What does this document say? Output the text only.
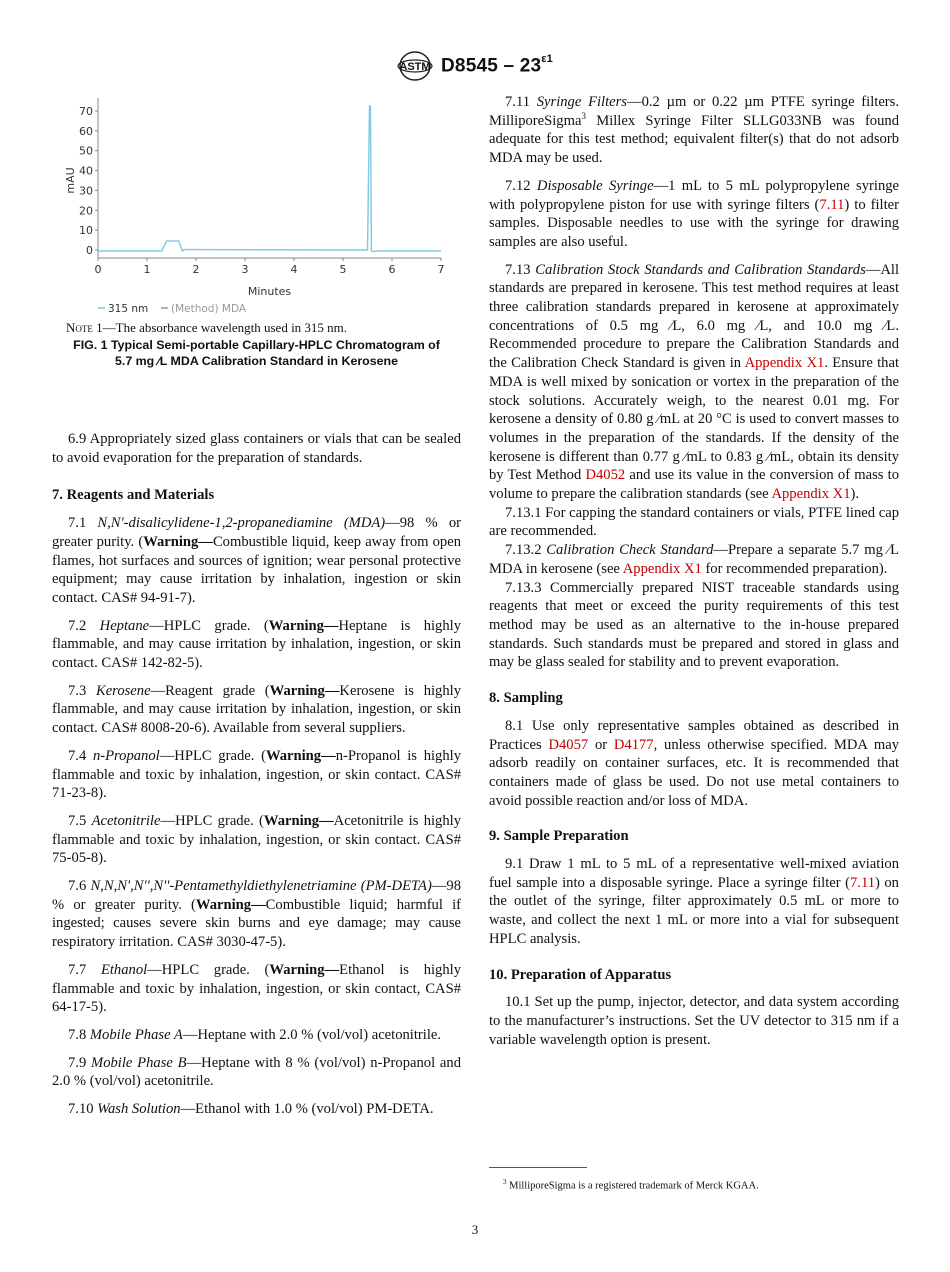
ASTM $D8545 - 23^{\varepsilon 1}$
0
10
20
30
40
50
60
70
0	1	2	3	4	5	6	7
mAU
Minutes
315 nm (Method) MDA
Note 1—The absorbance wavelength used in 315 nm.
FIG. 1 Typical Semi-portable Capillary-HPLC Chromatogram of
5.7 mg ⁄L MDA Calibration Standard in Kerosene

6.9 Appropriately sized glass containers or vials that can be sealed to avoid evaporation for the preparation of standards.

7. Reagents and Materials

7.1 N,N'-disalicylidene-1,2-propanediamine (MDA)—98 % or greater purity. (Warning—Combustible liquid, keep away from open flames, hot surfaces and sources of ignition; wear personal protective equipment; may cause irritation by inhalation, ingestion or skin contact. CAS# 94-91-7).

7.2 Heptane—HPLC grade. (Warning—Heptane is highly flammable, and may cause irritation by inhalation, ingestion, or skin contact. CAS# 142-82-5).

7.3 Kerosene—Reagent grade (Warning—Kerosene is highly flammable, and may cause irritation by inhalation, ingestion, or skin contact. CAS# 8008-20-6). Available from several suppliers.

7.4 n-Propanol—HPLC grade. (Warning—n-Propanol is highly flammable and toxic by inhalation, ingestion, or skin contact. CAS# 71-23-8).

7.5 Acetonitrile—HPLC grade. (Warning—Acetonitrile is highly flammable and toxic by inhalation, ingestion, or skin contact. CAS# 75-05-8).

7.6 N,N,N',N'',N''-Pentamethyldiethylenetriamine (PM-DETA)—98 % or greater purity. (Warning—Combustible liquid; harmful if ingested; causes severe skin burns and eye damage; may cause respiratory irritation. CAS# 3030-47-5).

7.7 Ethanol—HPLC grade. (Warning—Ethanol is highly flammable and toxic by inhalation, ingestion, or skin contact, CAS# 64-17-5).

7.8 Mobile Phase A—Heptane with 2.0 % (vol/vol) acetonitrile.

7.9 Mobile Phase B—Heptane with 8 % (vol/vol) n-Propanol and 2.0 % (vol/vol) acetonitrile.

7.10 Wash Solution—Ethanol with 1.0 % (vol/vol) PM-DETA.

7.11 Syringe Filters—0.2 µm or 0.22 µm PTFE syringe filters. MilliporeSigma$^3$ Millex Syringe Filter SLLG033NB was found adequate for this test method; equivalent filter(s) that do not adsorb MDA may be used.

7.12 Disposable Syringe—1 mL to 5 mL polypropylene syringe with polypropylene piston for use with syringe filters (7.11) to filter samples. Disposable needles to use with the syringe for drawing samples are also useful.

7.13 Calibration Stock Standards and Calibration Standards—All standards are prepared in kerosene. This test method requires at least three calibration standards prepared in kerosene at approximately concentrations of 0.5 mg ⁄L, 6.0 mg ⁄L, and 10.0 mg ⁄L. Recommended procedure to prepare the Calibration Standards and the Calibration Check Standard is given in Appendix X1. Ensure that MDA is well mixed by sonication or vortex in the preparation of the stock solutions. Accurately weigh, to the nearest 0.01 mg. For kerosene a density of 0.80 g ⁄mL at 20 °C is used to convert masses to volumes in the preparation of the standards. If the density of the kerosene is different than 0.77 g ⁄mL to 0.83 g ⁄mL, obtain its density by Test Method D4052 and use its value in the conversion of mass to volume to prepare the calibration standards (see Appendix X1).

7.13.1 For capping the standard containers or vials, PTFE lined cap are recommended.

7.13.2 Calibration Check Standard—Prepare a separate 5.7 mg ⁄L MDA in kerosene (see Appendix X1 for recommended preparation).

7.13.3 Commercially prepared NIST traceable standards using reagents that meet or exceed the purity requirements of this test method may be used as an alternative to the in-house prepared standards. Such standards must be prepared and stored in glass and may be glass sealed for stability and to prevent evaporation.

8. Sampling

8.1 Use only representative samples obtained as described in Practices D4057 or D4177, unless otherwise specified. MDA may adsorb readily on container surfaces, etc. It is recommended that containers made of glass be used. Do not use metal containers to avoid possible reaction and/or loss of MDA.

9. Sample Preparation

9.1 Draw 1 mL to 5 mL of a representative well-mixed aviation fuel sample into a disposable syringe. Place a syringe filter (7.11) on the outlet of the syringe, filter approximately 0.5 mL or more to waste, and collect the next 1 mL or more into a vial for subsequent HPLC analysis.

10. Preparation of Apparatus

10.1 Set up the pump, injector, detector, and data system according to the manufacturer’s instructions. Set the UV detector to 315 nm if a variable wavelength option is present.

$^3$ MilliporeSigma is a registered trademark of Merck KGAA.
3
